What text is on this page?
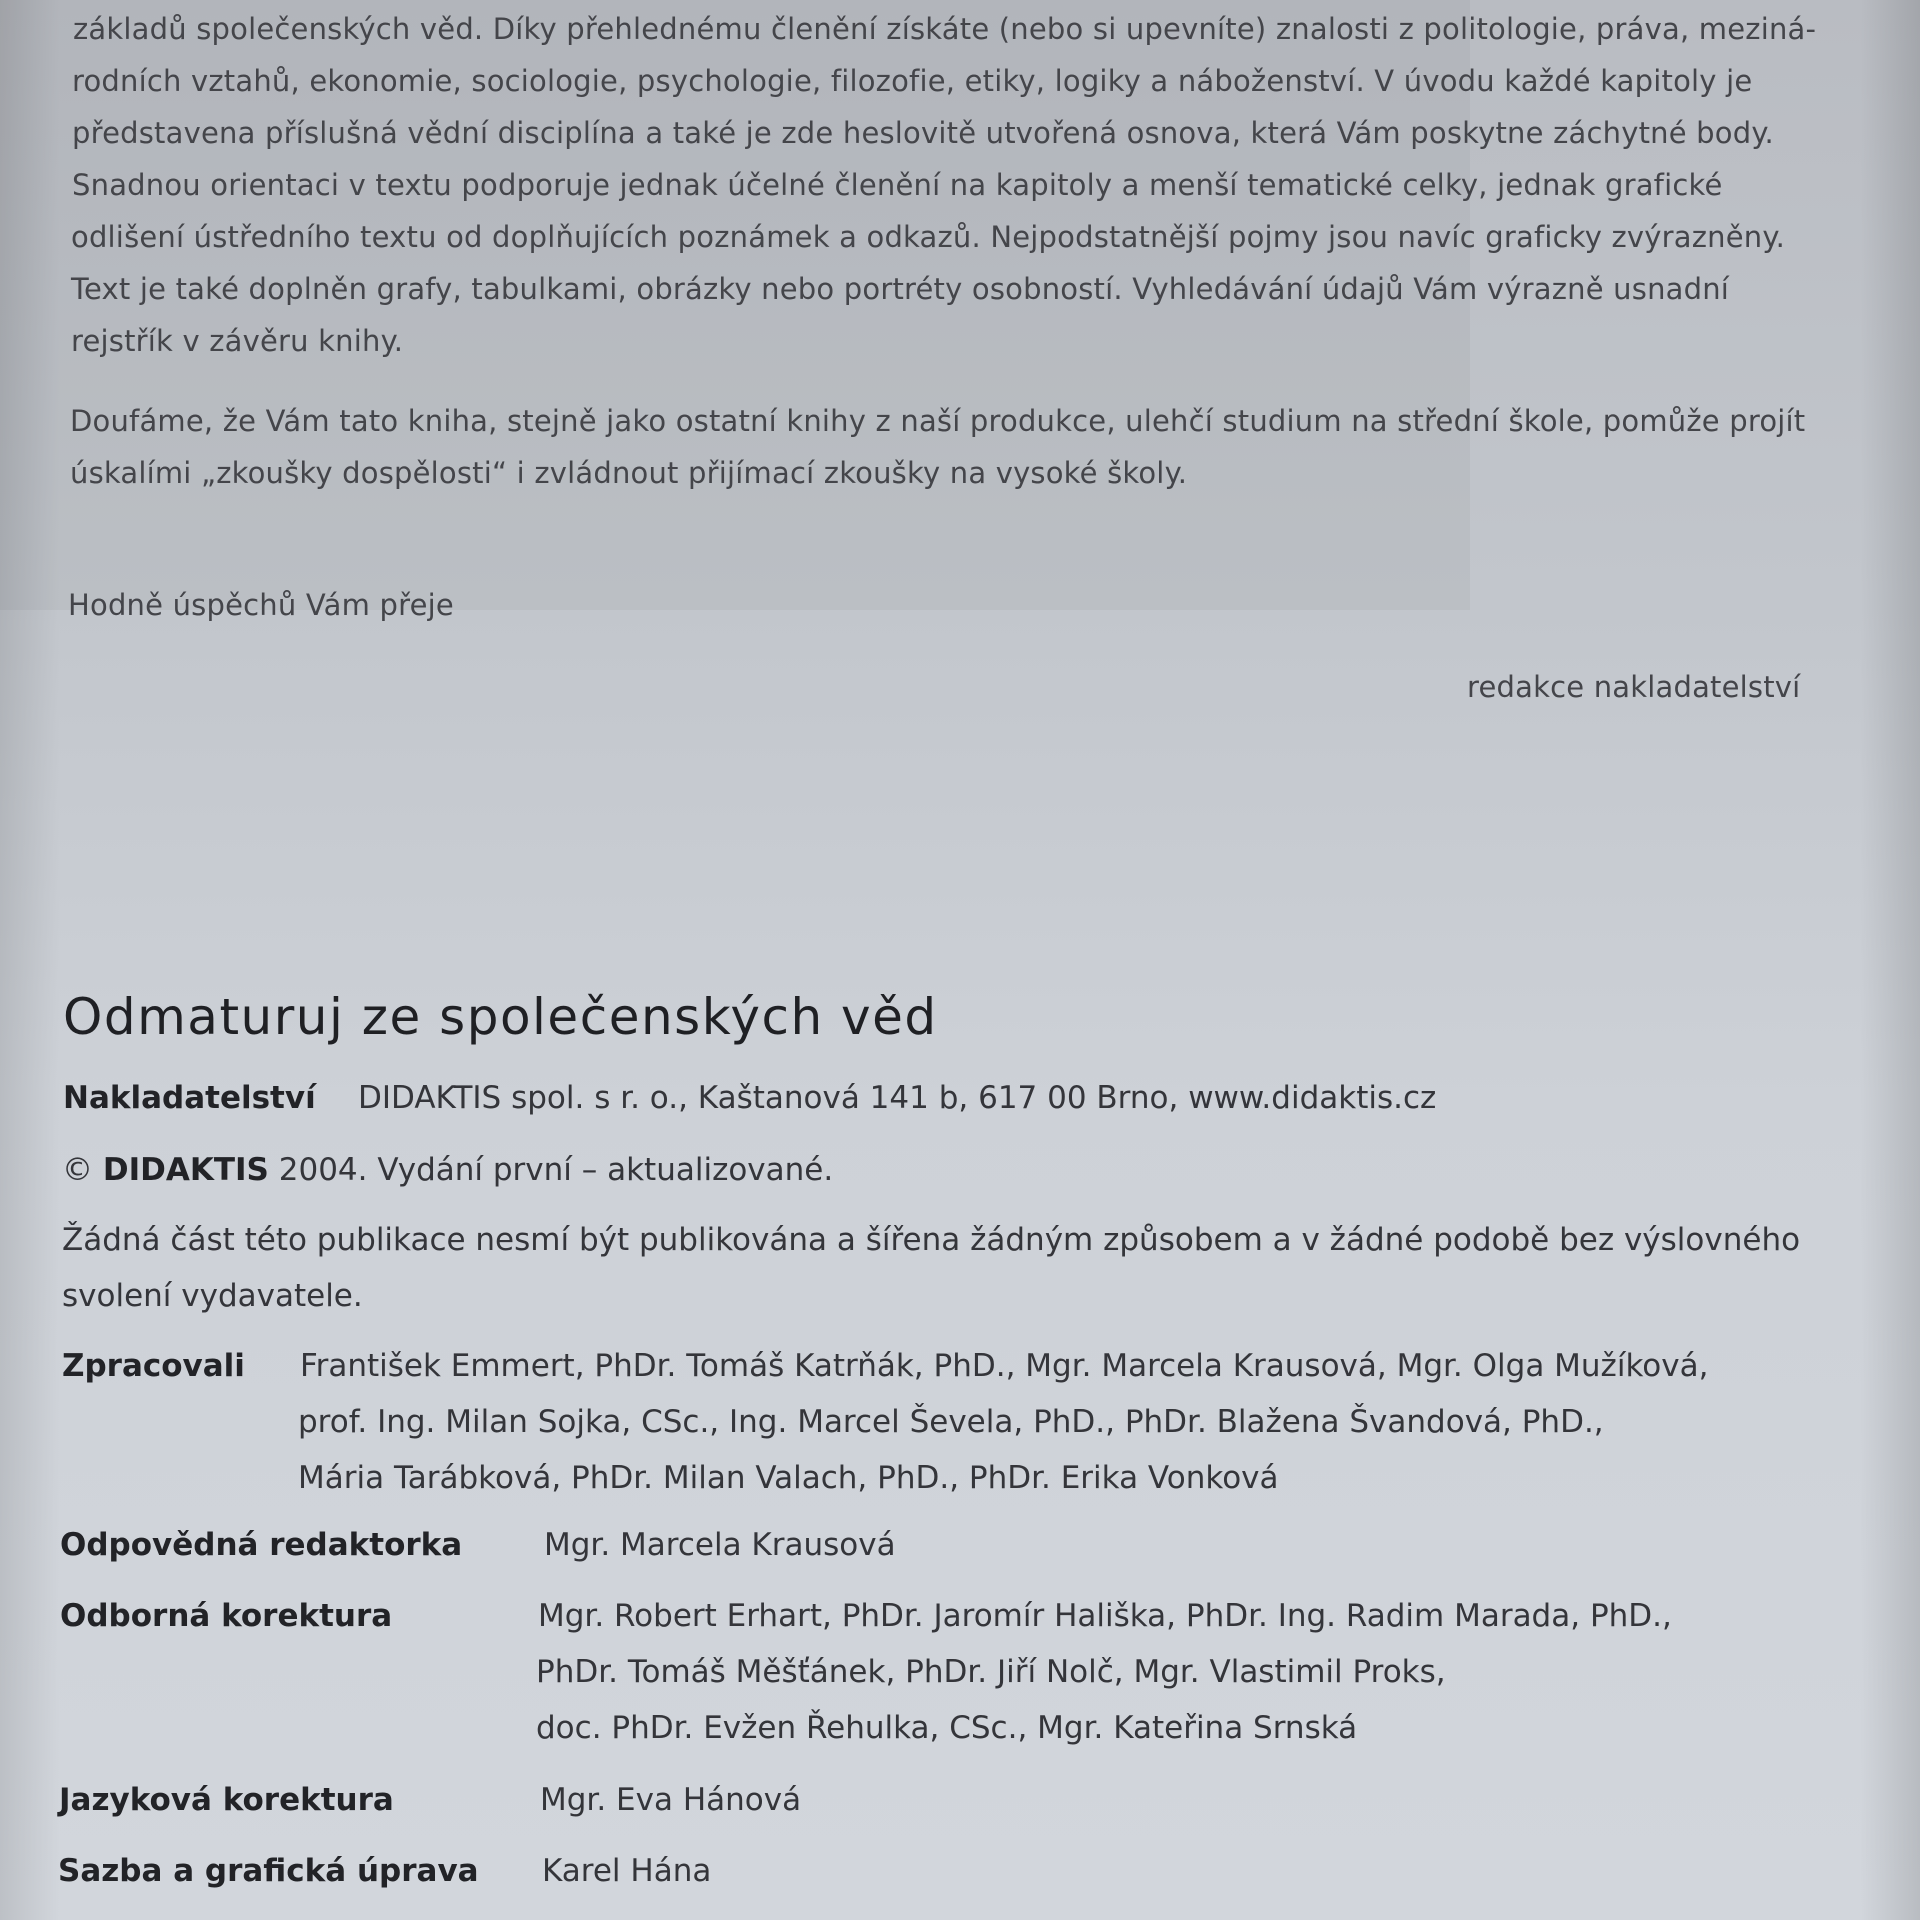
základů společenských věd. Díky přehlednému členění získáte (nebo si upevníte) znalosti z politologie, práva, meziná-
rodních vztahů, ekonomie, sociologie, psychologie, filozofie, etiky, logiky a náboženství. V úvodu každé kapitoly je
představena příslušná vědní disciplína a také je zde heslovitě utvořená osnova, která Vám poskytne záchytné body.
Snadnou orientaci v textu podporuje jednak účelné členění na kapitoly a menší tematické celky, jednak grafické
odlišení ústředního textu od doplňujících poznámek a odkazů. Nejpodstatnější pojmy jsou navíc graficky zvýrazněny.
Text je také doplněn grafy, tabulkami, obrázky nebo portréty osobností. Vyhledávání údajů Vám výrazně usnadní
rejstřík v závěru knihy.
Doufáme, že Vám tato kniha, stejně jako ostatní knihy z naší produkce, ulehčí studium na střední škole, pomůže projít
úskalími „zkoušky dospělosti“ i zvládnout přijímací zkoušky na vysoké školy.
Hodně úspěchů Vám přeje
redakce nakladatelství
Odmaturuj ze společenských věd
Nakladatelství DIDAKTIS spol. s r. o., Kaštanová 141 b, 617 00 Brno, www.didaktis.cz
© DIDAKTIS 2004. Vydání první – aktualizované.
Žádná část této publikace nesmí být publikována a šířena žádným způsobem a v žádné podobě bez výslovného
svolení vydavatele.
Zpracovali František Emmert, PhDr. Tomáš Katrňák, PhD., Mgr. Marcela Krausová, Mgr. Olga Mužíková,
prof. Ing. Milan Sojka, CSc., Ing. Marcel Ševela, PhD., PhDr. Blažena Švandová, PhD.,
Mária Tarábková, PhDr. Milan Valach, PhD., PhDr. Erika Vonková
Odpovědná redaktorka	Mgr. Marcela Krausová
Odborná korektura	Mgr. Robert Erhart, PhDr. Jaromír Hališka, PhDr. Ing. Radim Marada, PhD.,
PhDr. Tomáš Měšťánek, PhDr. Jiří Nolč, Mgr. Vlastimil Proks,
doc. PhDr. Evžen Řehulka, CSc., Mgr. Kateřina Srnská
Jazyková korektura	Mgr. Eva Hánová
Sazba a grafická úprava Karel Hána
